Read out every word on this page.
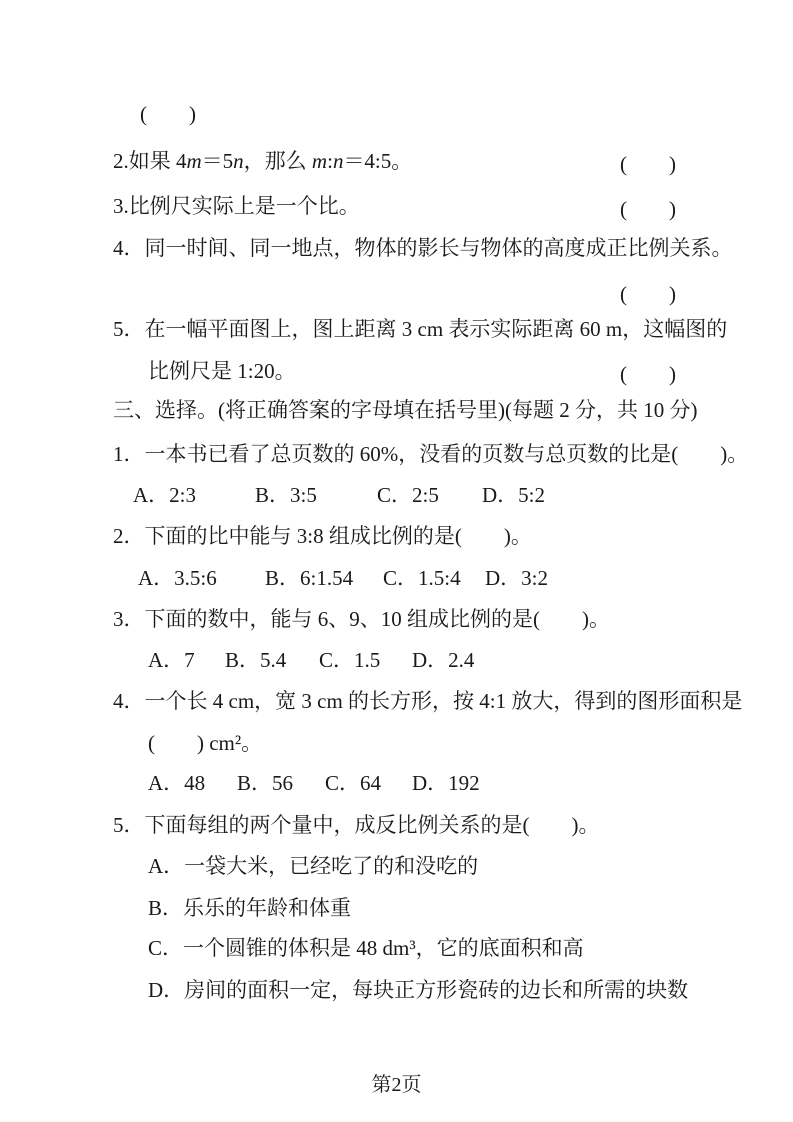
(　　)
2.如果 4m＝5n，那么 m:n＝4:5。	(　　)
3.比例尺实际上是一个比。	(　　)
4．同一时间、同一地点，物体的影长与物体的高度成正比例关系。
(　　)
5．在一幅平面图上，图上距离 3 cm 表示实际距离 60 m，这幅图的
比例尺是 1:20。	(　　)
三、选择。(将正确答案的字母填在括号里)(每题 2 分，共 10 分)
1．一本书已看了总页数的 60%，没看的页数与总页数的比是(　　)。
A．2:3	B．3:5	C．2:5 D．5:2
2．下面的比中能与 3:8 组成比例的是(　　)。
A．3.5:6 B．6:1.54 C．1.5:4 D．3:2
3．下面的数中，能与 6、9、10 组成比例的是(　　)。
A．7 B．5.4 C．1.5 D．2.4
4．一个长 4 cm，宽 3 cm 的长方形，按 4:1 放大，得到的图形面积是
(　　) cm²。
A．48 B．56 C．64 D．192
5．下面每组的两个量中，成反比例关系的是(　　)。
A．一袋大米，已经吃了的和没吃的
B．乐乐的年龄和体重
C．一个圆锥的体积是 48 dm³，它的底面积和高
D．房间的面积一定，每块正方形瓷砖的边长和所需的块数
第2页
